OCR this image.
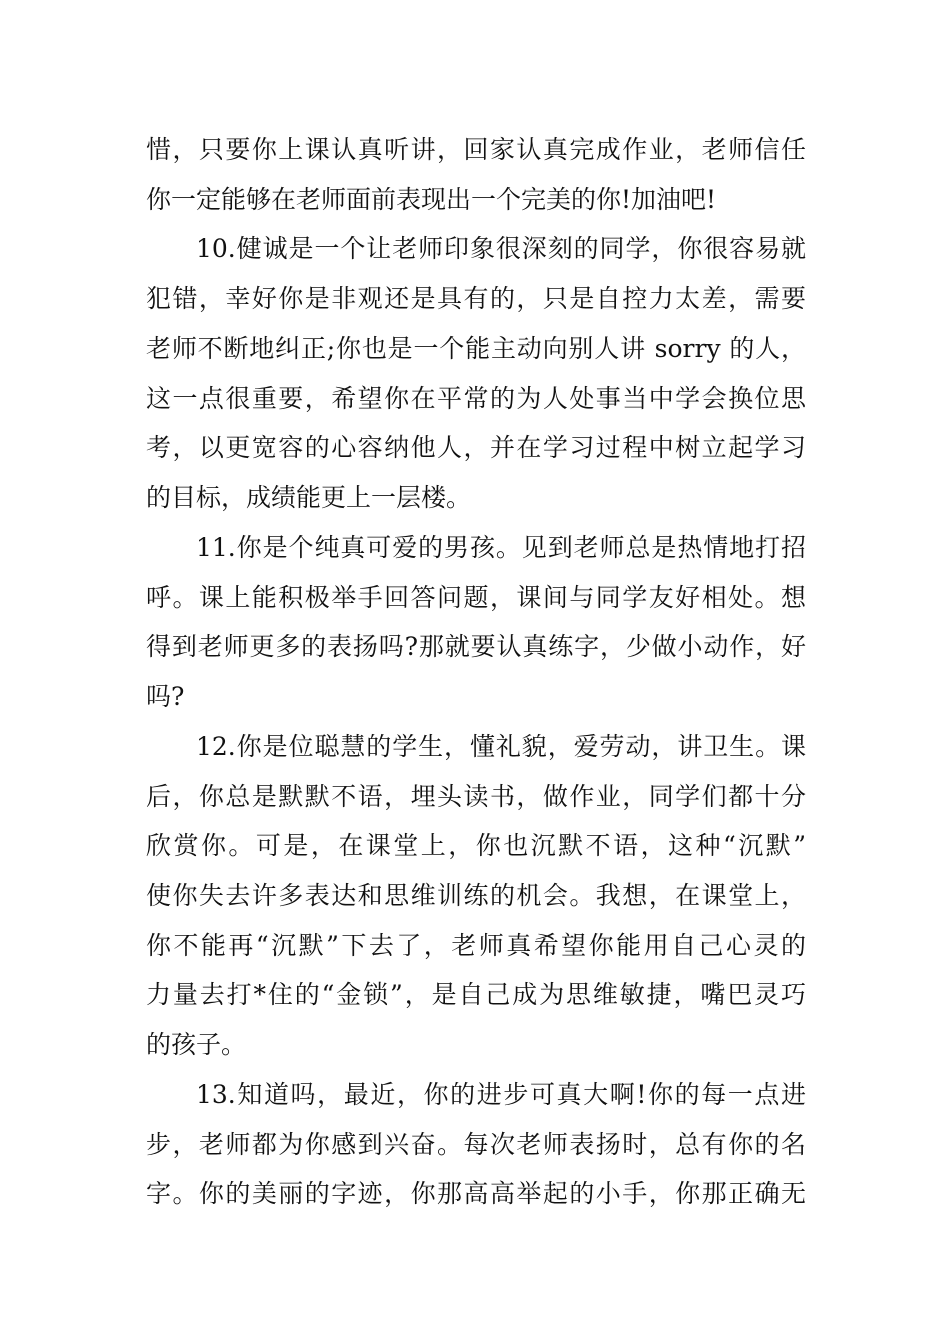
惜，只要你上课认真听讲，回家认真完成作业，老师信任
你一定能够在老师面前表现出一个完美的你!加油吧!
10.健诚是一个让老师印象很深刻的同学，你很容易就
犯错，幸好你是非观还是具有的，只是自控力太差，需要
老师不断地纠正;你也是一个能主动向别人讲 sorry 的人，
这一点很重要，希望你在平常的为人处事当中学会换位思
考，以更宽容的心容纳他人，并在学习过程中树立起学习
的目标，成绩能更上一层楼。
11.你是个纯真可爱的男孩。见到老师总是热情地打招
呼。课上能积极举手回答问题，课间与同学友好相处。想
得到老师更多的表扬吗?那就要认真练字，少做小动作，好
吗?
12.你是位聪慧的学生，懂礼貌，爱劳动，讲卫生。课
后，你总是默默不语，埋头读书，做作业，同学们都十分
欣赏你。可是，在课堂上，你也沉默不语，这种“沉默”
使你失去许多表达和思维训练的机会。我想，在课堂上，
你不能再“沉默”下去了，老师真希望你能用自己心灵的
力量去打*住的“金锁”，是自己成为思维敏捷，嘴巴灵巧
的孩子。
13.知道吗，最近，你的进步可真大啊!你的每一点进
步，老师都为你感到兴奋。每次老师表扬时，总有你的名
字。你的美丽的字迹，你那高高举起的小手，你那正确无
